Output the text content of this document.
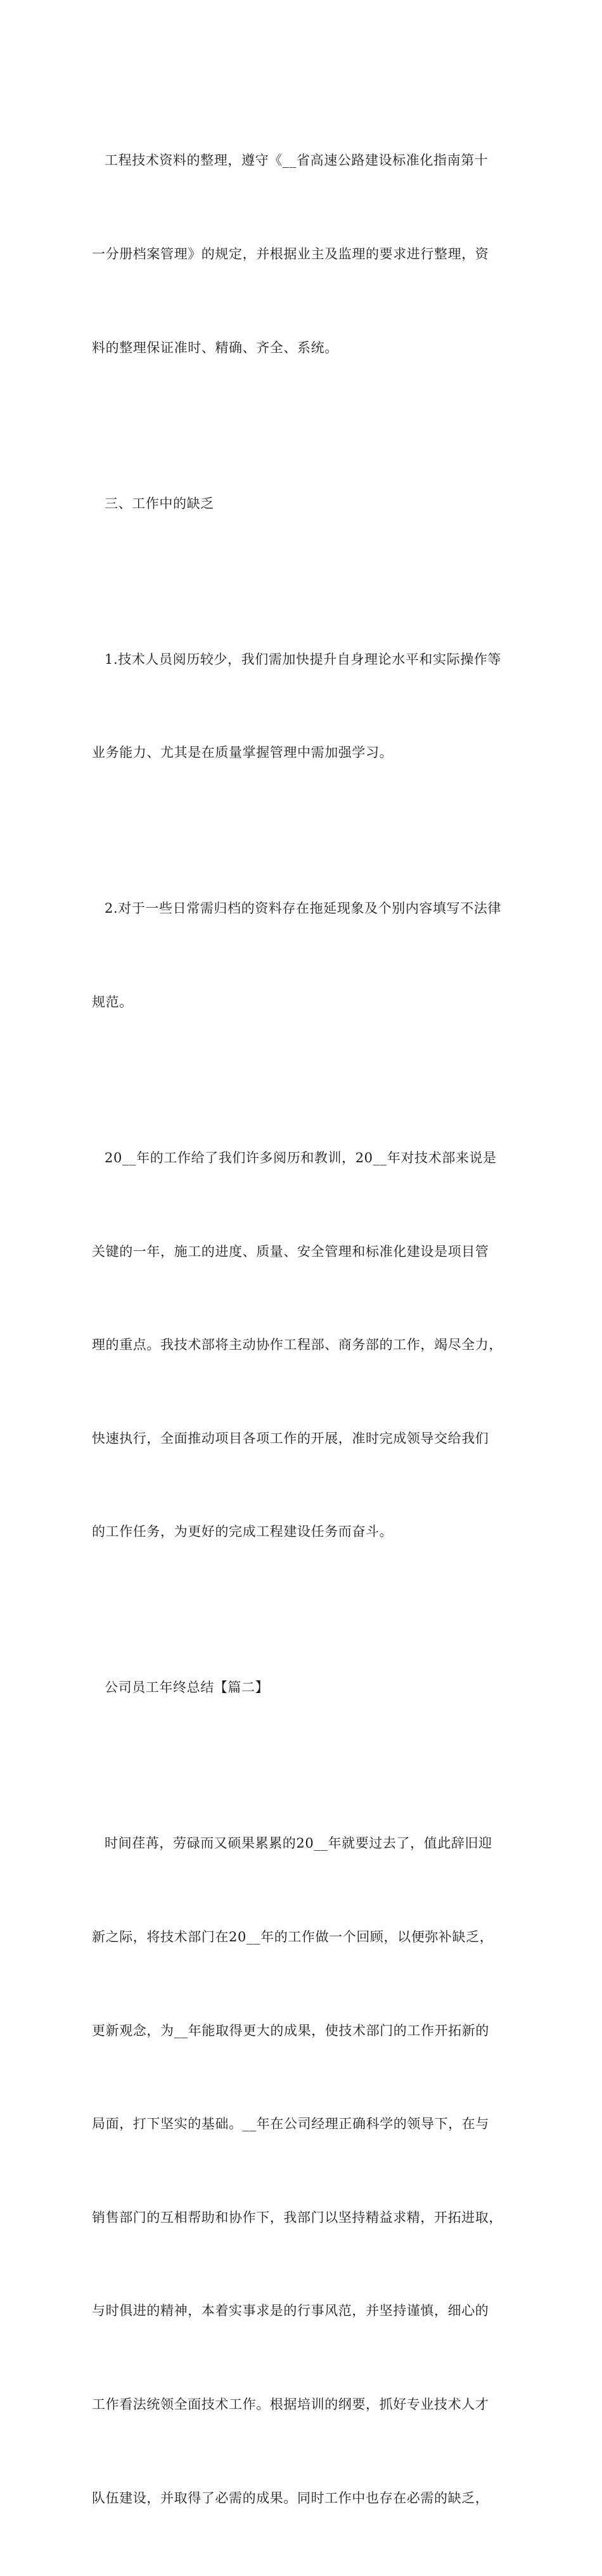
工程技术资料的整理，遵守《__省高速公路建设标准化指南第十

一分册档案管理》的规定，并根据业主及监理的要求进行整理，资

料的整理保证准时、精确、齐全、系统。

三、工作中的缺乏

1.技术人员阅历较少，我们需加快提升自身理论水平和实际操作等

业务能力、尤其是在质量掌握管理中需加强学习。

2.对于一些日常需归档的资料存在拖延现象及个别内容填写不法律

规范。

20__年的工作给了我们许多阅历和教训，20__年对技术部来说是

关键的一年，施工的进度、质量、安全管理和标准化建设是项目管

理的重点。我技术部将主动协作工程部、商务部的工作，竭尽全力，

快速执行，全面推动项目各项工作的开展，准时完成领导交给我们

的工作任务，为更好的完成工程建设任务而奋斗。

公司员工年终总结【篇二】

时间荏苒，劳碌而又硕果累累的20__年就要过去了，值此辞旧迎

新之际，将技术部门在20__年的工作做一个回顾，以便弥补缺乏，

更新观念，为__年能取得更大的成果，使技术部门的工作开拓新的

局面，打下坚实的基础。__年在公司经理正确科学的领导下，在与

销售部门的互相帮助和协作下，我部门以坚持精益求精，开拓进取，

与时俱进的精神，本着实事求是的行事风范，并坚持谨慎，细心的

工作看法统领全面技术工作。根据培训的纲要，抓好专业技术人才

队伍建设，并取得了必需的成果。同时工作中也存在必需的缺乏，
